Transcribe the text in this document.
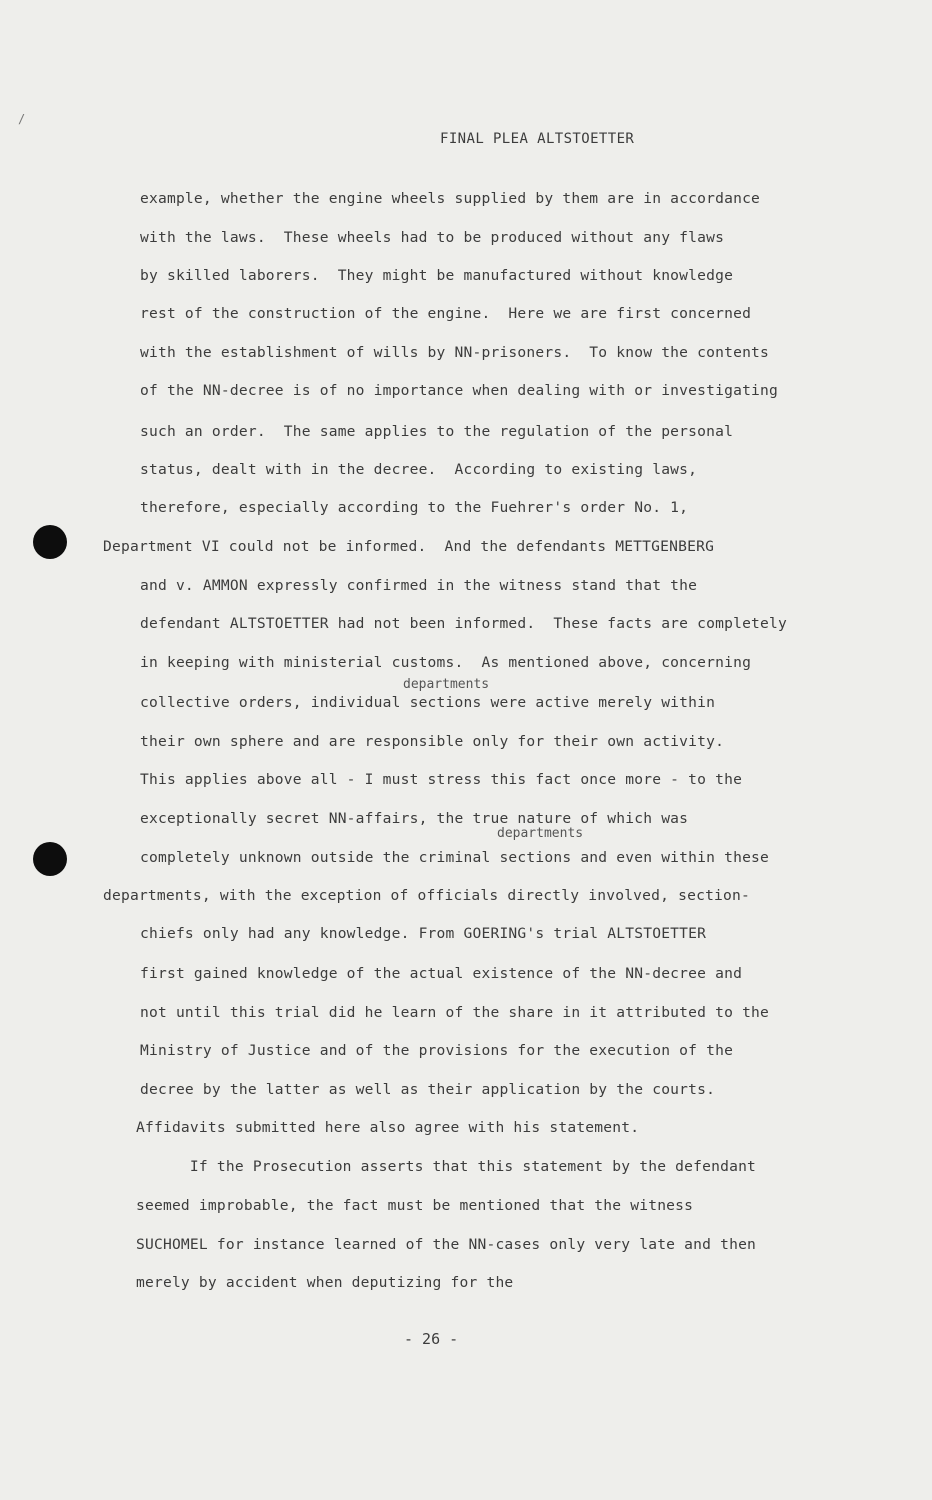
/
FINAL PLEA ALTSTOETTER
example, whether the engine wheels supplied by them are in accordance
with the laws.  These wheels had to be produced without any flaws
by skilled laborers.  They might be manufactured without knowledge
rest of the construction of the engine.  Here we are first concerned
with the establishment of wills by NN-prisoners.  To know the contents
of the NN-decree is of no importance when dealing with or investigating
such an order.  The same applies to the regulation of the personal
status, dealt with in the decree.  According to existing laws,
therefore, especially according to the Fuehrer's order No. 1,
Department VI could not be informed.  And the defendants METTGENBERG
and v. AMMON expressly confirmed in the witness stand that the
defendant ALTSTOETTER had not been informed.  These facts are completely
in keeping with ministerial customs.  As mentioned above, concerning
collective orders, individual sections were active merely within
their own sphere and are responsible only for their own activity.
This applies above all - I must stress this fact once more - to the
exceptionally secret NN-affairs, the true nature of which was
completely unknown outside the criminal sections and even within these
departments, with the exception of officials directly involved, section-
chiefs only had any knowledge. From GOERING's trial ALTSTOETTER
first gained knowledge of the actual existence of the NN-decree and
not until this trial did he learn of the share in it attributed to the
Ministry of Justice and of the provisions for the execution of the
decree by the latter as well as their application by the courts.
Affidavits submitted here also agree with his statement.
If the Prosecution asserts that this statement by the defendant
seemed improbable, the fact must be mentioned that the witness
SUCHOMEL for instance learned of the NN-cases only very late and then
merely by accident when deputizing for the
departments
departments
- 26 -
